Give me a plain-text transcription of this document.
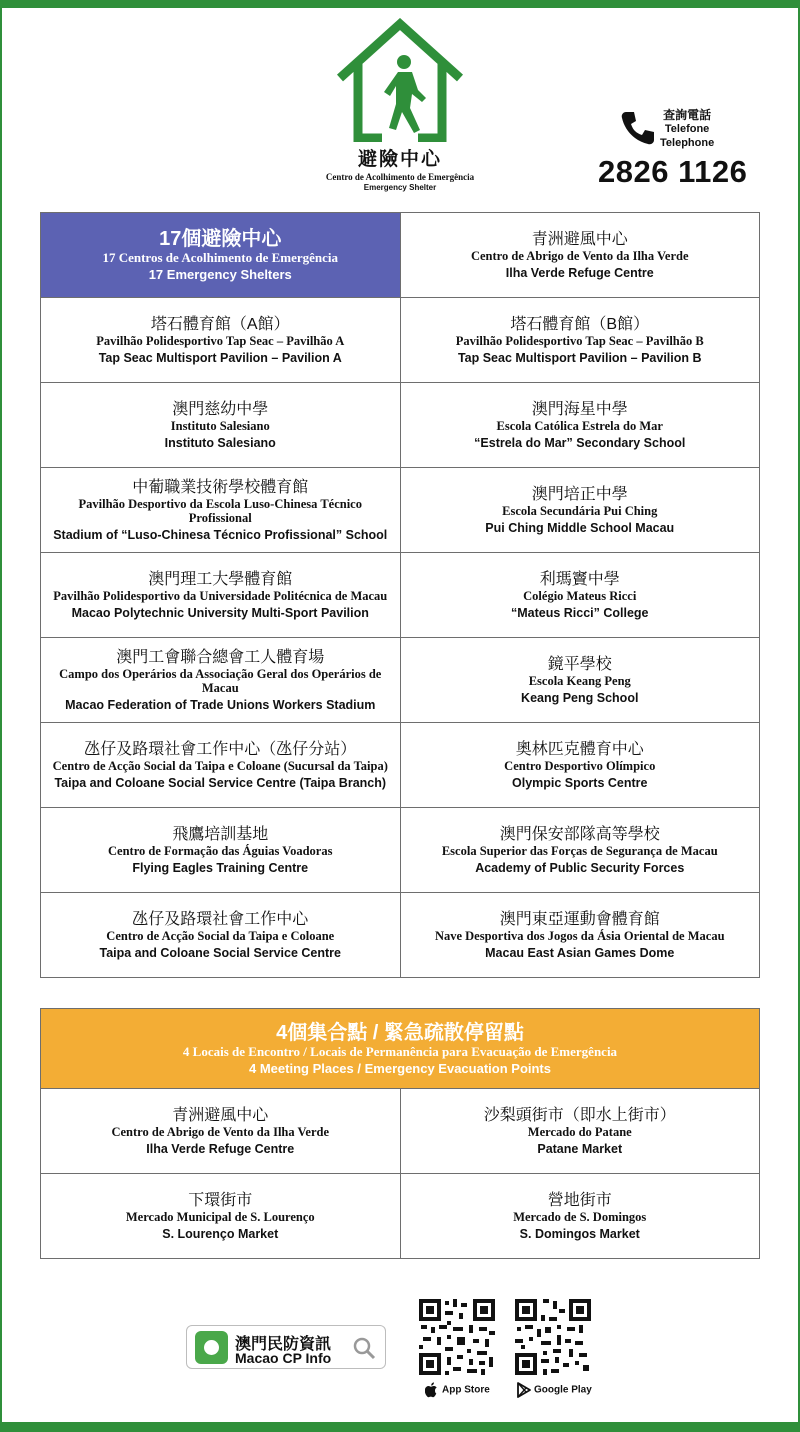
避險中心
Centro de Acolhimento de Emergência
Emergency Shelter
查詢電話
Telefone
Telephone
2826 1126
17個避險中心
17 Centros de Acolhimento de Emergência
17 Emergency Shelters	青洲避風中心
Centro de Abrigo de Vento da Ilha Verde
Ilha Verde Refuge Centre

塔石體育館（A館）
Pavilhão Polidesportivo Tap Seac – Pavilhão A
Tap Seac Multisport Pavilion – Pavilion A	塔石體育館（B館）
Pavilhão Polidesportivo Tap Seac – Pavilhão B
Tap Seac Multisport Pavilion – Pavilion B

澳門慈幼中學
Instituto Salesiano
Instituto Salesiano	澳門海星中學
Escola Católica Estrela do Mar
“Estrela do Mar” Secondary School

中葡職業技術學校體育館
Pavilhão Desportivo da Escola Luso-Chinesa Técnico Profissional
Stadium of “Luso-Chinesa Técnico Profissional” School	澳門培正中學
Escola Secundária Pui Ching
Pui Ching Middle School Macau

澳門理工大學體育館
Pavilhão Polidesportivo da Universidade Politécnica de Macau
Macao Polytechnic University Multi-Sport Pavilion	利瑪竇中學
Colégio Mateus Ricci
“Mateus Ricci” College

澳門工會聯合總會工人體育場
Campo dos Operários da Associação Geral dos Operários de Macau
Macao Federation of Trade Unions Workers Stadium	鏡平學校
Escola Keang Peng
Keang Peng School

氹仔及路環社會工作中心（氹仔分站）
Centro de Acção Social da Taipa e Coloane (Sucursal da Taipa)
Taipa and Coloane Social Service Centre (Taipa Branch)	奧林匹克體育中心
Centro Desportivo Olímpico
Olympic Sports Centre

飛鷹培訓基地
Centro de Formação das Águias Voadoras
Flying Eagles Training Centre	澳門保安部隊高等學校
Escola Superior das Forças de Segurança de Macau
Academy of Public Security Forces

氹仔及路環社會工作中心
Centro de Acção Social da Taipa e Coloane
Taipa and Coloane Social Service Centre	澳門東亞運動會體育館
Nave Desportiva dos Jogos da Ásia Oriental de Macau
Macau East Asian Games Dome
4個集合點 / 緊急疏散停留點
4 Locais de Encontro / Locais de Permanência para Evacuação de Emergência
4 Meeting Places / Emergency Evacuation Points	

青洲避風中心
Centro de Abrigo de Vento da Ilha Verde
Ilha Verde Refuge Centre	沙梨頭街市（即水上街市）
Mercado do Patane
Patane Market

下環街市
Mercado Municipal de S. Lourenço
S. Lourenço Market	營地街市
Mercado de S. Domingos
S. Domingos Market
澳門民防資訊
Macao CP Info
App Store	Google Play
